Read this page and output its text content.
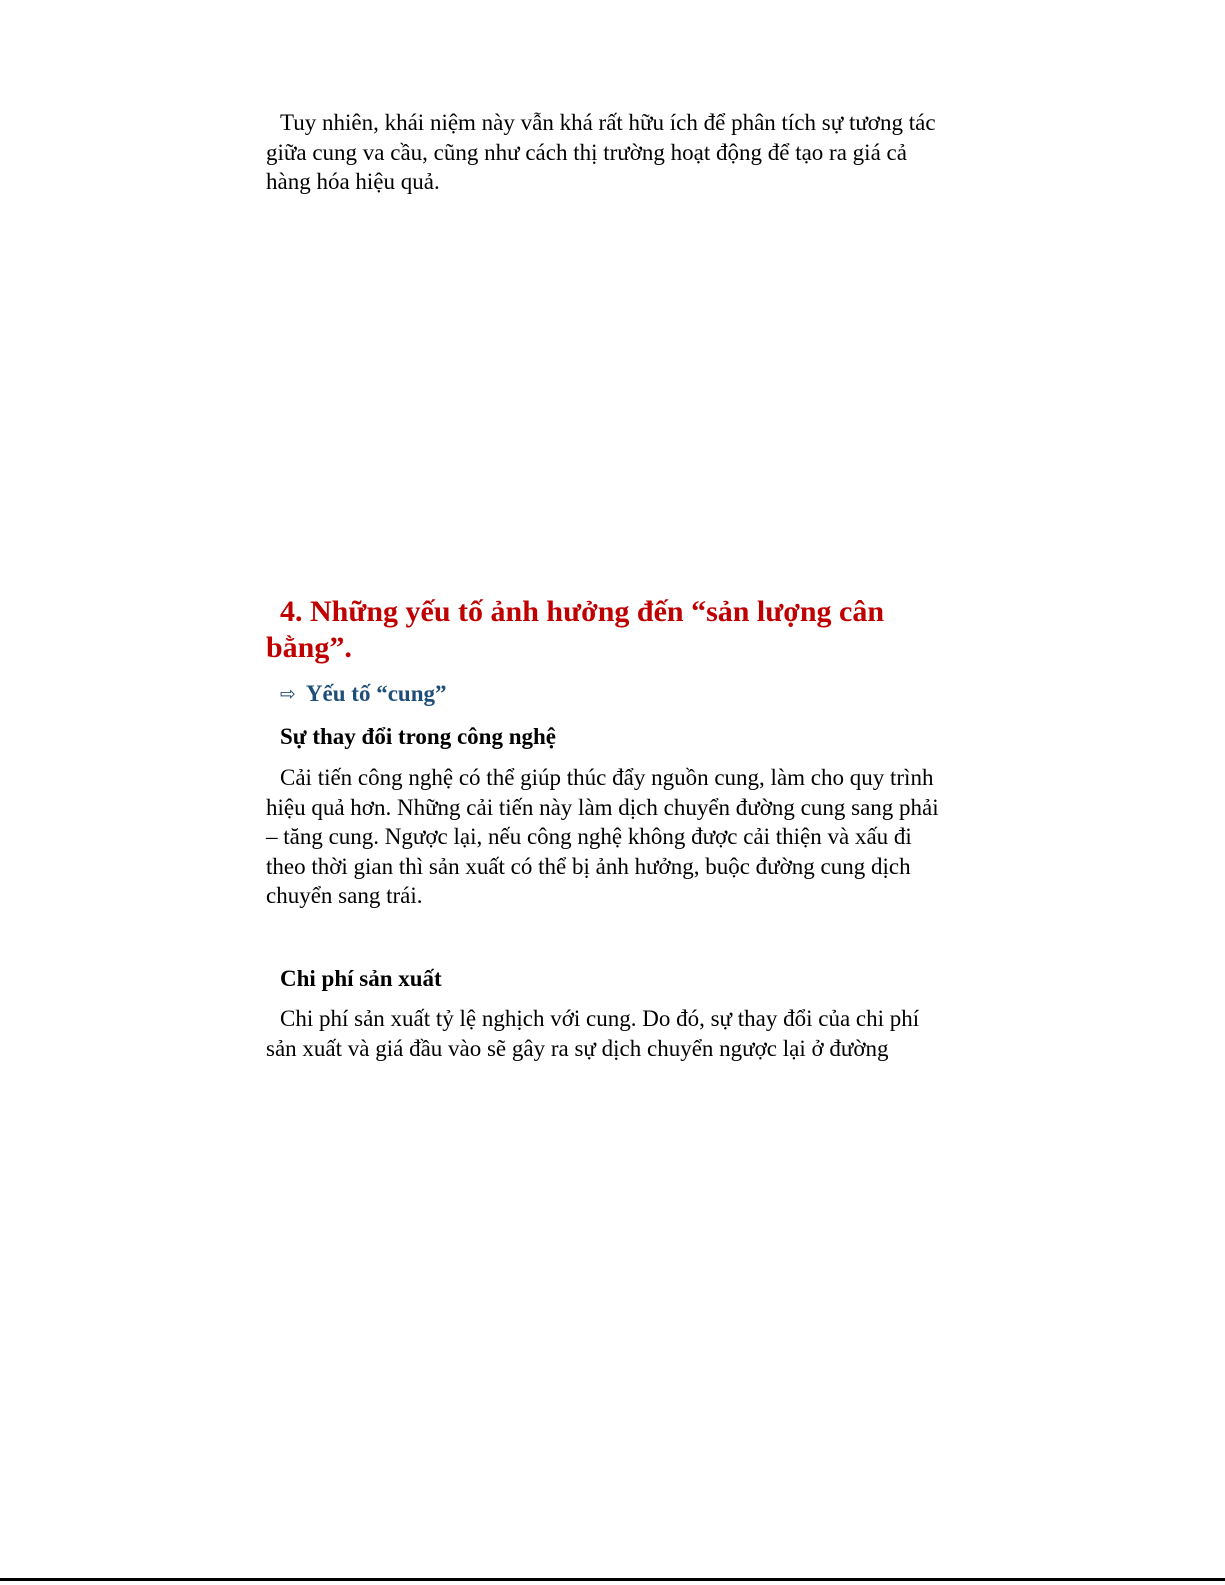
Tuy nhiên, khái niệm này vẫn khá rất hữu ích để phân tích sự tương tác giữa cung va cầu, cũng như cách thị trường hoạt động để tạo ra giá cả hàng hóa hiệu quả.

4. Những yếu tố ảnh hưởng đến “sản lượng cân bằng”.
⇨ Yếu tố “cung”
Sự thay đổi trong công nghệ

Cải tiến công nghệ có thể giúp thúc đẩy nguồn cung, làm cho quy trình hiệu quả hơn. Những cải tiến này làm dịch chuyển đường cung sang phải – tăng cung. Ngược lại, nếu công nghệ không được cải thiện và xấu đi theo thời gian thì sản xuất có thể bị ảnh hưởng, buộc đường cung dịch chuyển sang trái.

Chi phí sản xuất

Chi phí sản xuất tỷ lệ nghịch với cung. Do đó, sự thay đổi của chi phí sản xuất và giá đầu vào sẽ gây ra sự dịch chuyển ngược lại ở đường
